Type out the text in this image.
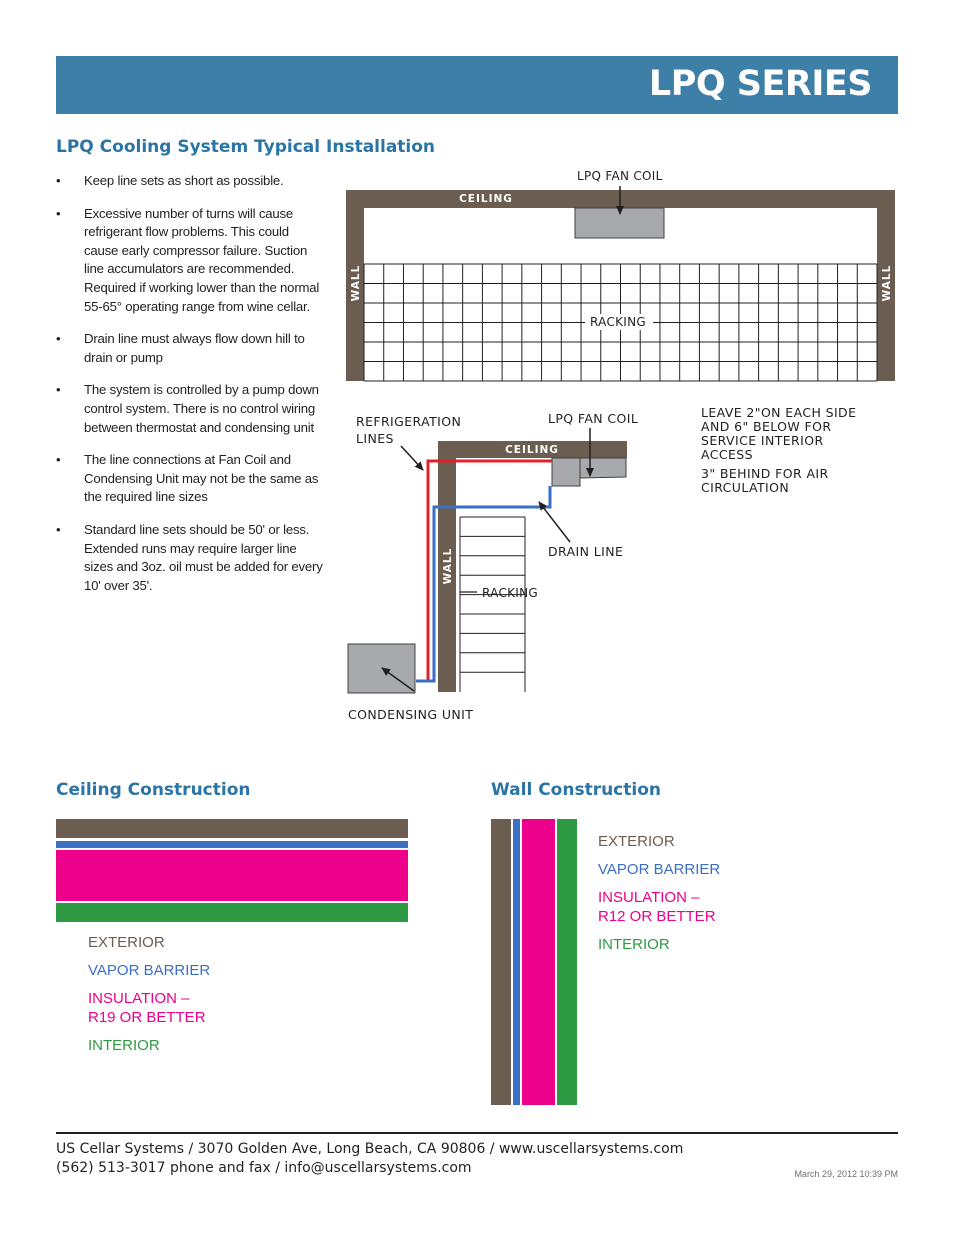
LPQ SERIES
LPQ Cooling System Typical Installation
• Keep line sets as short as possible.
• Excessive number of turns will cause refrigerant flow problems. This could cause early compressor failure. Suction line accumulators are recommended. Required if working lower than the normal 55-65° operating range from wine cellar.
• Drain line must always flow down hill to drain or pump
• The system is controlled by a pump down control system. There is no control wiring between thermostat and condensing unit
• The line connections at Fan Coil and Condensing Unit may not be the same as the required line sizes
• Standard line sets should be 50' or less. Extended runs may require larger line sizes and 3oz. oil must be added for every 10' over 35'.
RACKING
LPQ FAN COIL
CEILING
WALL	WALL
CEILING
WALL
REFRIGERATION
LINES
LPQ FAN COIL
DRAIN LINE
RACKING
CONDENSING UNIT
LEAVE 2"ON EACH SIDE
AND 6" BELOW FOR
SERVICE INTERIOR
ACCESS
3" BEHIND FOR AIR
CIRCULATION
Ceiling Construction
EXTERIOR
VAPOR BARRIER
INSULATION –
R19 OR BETTER
INTERIOR
Wall Construction
EXTERIOR
VAPOR BARRIER
INSULATION –
R12 OR BETTER
INTERIOR
US Cellar Systems / 3070 Golden Ave, Long Beach, CA 90806 / www.uscellarsystems.com
(562) 513-3017 phone and fax / info@uscellarsystems.com	March 29, 2012 10:39 PM
